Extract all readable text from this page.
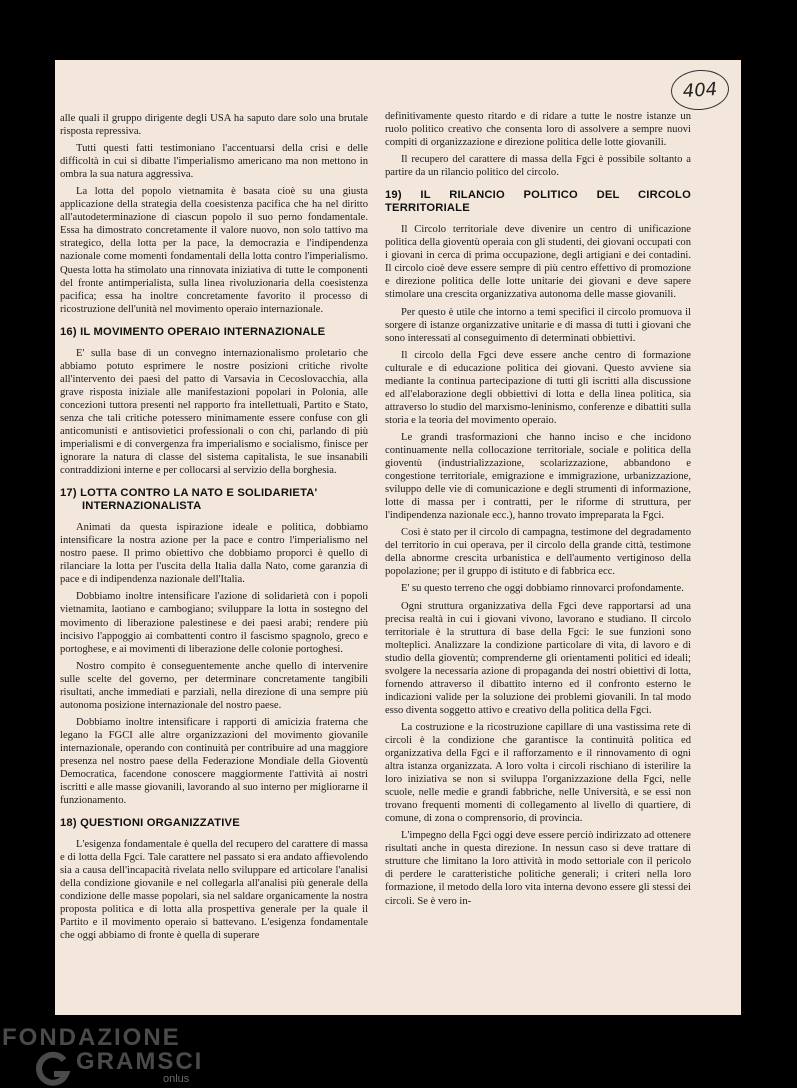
404

alle quali il gruppo dirigente degli USA ha saputo dare solo una brutale risposta repressiva.

Tutti questi fatti testimoniano l'accentuarsi della crisi e delle difficoltà in cui si dibatte l'imperialismo americano ma non mettono in ombra la sua natura aggressiva.

La lotta del popolo vietnamita è basata cioè su una giusta applicazione della strategia della coesistenza pacifica che ha nel diritto all'autodeterminazione di ciascun popolo il suo perno fondamentale. Essa ha dimostrato concretamente il valore nuovo, non solo tattivo ma strategico, della lotta per la pace, la democrazia e l'indipendenza nazionale come momenti fondamentali della lotta contro l'imperialismo. Questa lotta ha stimolato una rinnovata iniziativa di tutte le componenti del fronte antimperialista, sulla linea rivoluzionaria della coesistenza pacifica; essa ha inoltre concretamente favorito il processo di ricostruzione dell'unità nel movimento operaio internazionale.

16) IL MOVIMENTO OPERAIO INTERNAZIONALE

E' sulla base di un convegno internazionalismo proletario che abbiamo potuto esprimere le nostre posizioni critiche rivolte all'intervento dei paesi del patto di Varsavia in Cecoslovacchia, alla grave risposta iniziale alle manifestazioni popolari in Polonia, alle concezioni tuttora presenti nel rapporto fra intellettuali, Partito e Stato, senza che tali critiche potessero minimamente essere confuse con gli anticomunisti e antisovietici professionali o con chi, parlando di più imperialismi e di convergenza fra imperialismo e socialismo, finisce per ignorare la natura di classe del sistema capitalista, le sue insanabili contraddizioni interne e per collocarsi al servizio della borghesia.

17) LOTTA CONTRO LA NATO E SOLIDARIETA'
INTERNAZIONALISTA

Animati da questa ispirazione ideale e politica, dobbiamo intensificare la nostra azione per la pace e contro l'imperialismo nel nostro paese. Il primo obiettivo che dobbiamo proporci è quello di rilanciare la lotta per l'uscita della Italia dalla Nato, come garanzia di pace e di indipendenza nazionale dell'Italia.

Dobbiamo inoltre intensificare l'azione di solidarietà con i popoli vietnamita, laotiano e cambogiano; sviluppare la lotta in sostegno del movimento di liberazione palestinese e dei paesi arabi; rendere più incisivo l'appoggio ai combattenti contro il fascismo spagnolo, greco e portoghese, e ai movimenti di liberazione delle colonie portoghesi.

Nostro compito è conseguentemente anche quello di intervenire sulle scelte del governo, per determinare concretamente tangibili risultati, anche immediati e parziali, nella direzione di una sempre più autonoma posizione internazionale del nostro paese.

Dobbiamo inoltre intensificare i rapporti di amicizia fraterna che legano la FGCI alle altre organizzazioni del movimento giovanile internazionale, operando con continuità per contribuire ad una maggiore presenza nel nostro paese della Federazione Mondiale della Gioventù Democratica, facendone conoscere maggiormente l'attività ai nostri iscritti e alle masse giovanili, lavorando al suo interno per migliorarne il funzionamento.

18) QUESTIONI ORGANIZZATIVE

L'esigenza fondamentale è quella del recupero del carattere di massa e di lotta della Fgci. Tale carattere nel passato si era andato affievolendo sia a causa dell'incapacità rivelata nello sviluppare ed articolare l'analisi della condizione giovanile e nel collegarla all'analisi più generale della condizione delle masse popolari, sia nel saldare organicamente la nostra proposta politica e di lotta alla prospettiva generale per la quale il Partito e il movimento operaio si battevano. L'esigenza fondamentale che oggi abbiamo di fronte è quella di superare

definitivamente questo ritardo e di ridare a tutte le nostre istanze un ruolo politico creativo che consenta loro di assolvere a sempre nuovi compiti di organizzazione e direzione politica delle lotte giovanili.

Il recupero del carattere di massa della Fgci è possibile soltanto a partire da un rilancio politico del circolo.

19) IL RILANCIO POLITICO DEL CIRCOLO TERRITORIALE

Il Circolo territoriale deve divenire un centro di unificazione politica della gioventù operaia con gli studenti, dei giovani occupati con i giovani in cerca di prima occupazione, degli artigiani e dei contadini. Il circolo cioè deve essere sempre di più centro effettivo di promozione e direzione politica delle lotte unitarie dei giovani e deve sapere stimolare una crescita organizzativa autonoma delle masse giovanili.

Per questo è utile che intorno a temi specifici il circolo promuova il sorgere di istanze organizzative unitarie e di massa di tutti i giovani che sono interessati al conseguimento di determinati obbiettivi.

Il circolo della Fgci deve essere anche centro di formazione culturale e di educazione politica dei giovani. Questo avviene sia mediante la continua partecipazione di tutti gli iscritti alla discussione ed all'elaborazione degli obbiettivi di lotta e della linea politica, sia attraverso lo studio del marxismo-leninismo, conferenze e dibattiti sulla storia e la teoria del movimento operaio.

Le grandi trasformazioni che hanno inciso e che incidono continuamente nella collocazione territoriale, sociale e politica della gioventù (industrializzazione, scolarizzazione, abbandono e congestione territoriale, emigrazione e immigrazione, urbanizzazione, sviluppo delle vie di comunicazione e degli strumenti di informazione, lotte di massa per i contratti, per le riforme di struttura, per l'indipendenza nazionale ecc.), hanno trovato impreparata la Fgci.

Così è stato per il circolo di campagna, testimone del degradamento del territorio in cui operava, per il circolo della grande città, testimone della abnorme crescita urbanistica e dell'aumento vertiginoso della popolazione; per il gruppo di istituto e di fabbrica ecc.

E' su questo terreno che oggi dobbiamo rinnovarci profondamente.

Ogni struttura organizzativa della Fgci deve rapportarsi ad una precisa realtà in cui i giovani vivono, lavorano e studiano. Il circolo territoriale è la struttura di base della Fgci: le sue funzioni sono molteplici. Analizzare la condizione particolare di vita, di lavoro e di studio della gioventù; comprenderne gli orientamenti politici ed ideali; svolgere la necessaria azione di propaganda dei nostri obiettivi di lotta, fornendo attraverso il dibattito interno ed il confronto esterno le indicazioni valide per la soluzione dei problemi giovanili. In tal modo esso diventa soggetto attivo e creativo della politica della Fgci.

La costruzione e la ricostruzione capillare di una vastissima rete di circoli è la condizione che garantisce la continuità politica ed organizzativa della Fgci e il rafforzamento e il rinnovamento di ogni altra istanza organizzata. A loro volta i circoli rischiano di isterilire la loro iniziativa se non si sviluppa l'organizzazione della Fgci, nelle scuole, nelle medie e grandi fabbriche, nelle Università, e se essi non trovano frequenti momenti di collegamento al livello di quartiere, di comune, di zona o comprensorio, di provincia.

L'impegno della Fgci oggi deve essere perciò indirizzato ad ottenere risultati anche in questa direzione. In nessun caso si deve trattare di strutture che limitano la loro attività in modo settoriale con il pericolo di perdere le caratteristiche politiche generali; i criteri nella loro formazione, il metodo della loro vita interna devono essere gli stessi dei circoli. Se è vero in-

FONDAZIONE
GRAMSCI
onlus
